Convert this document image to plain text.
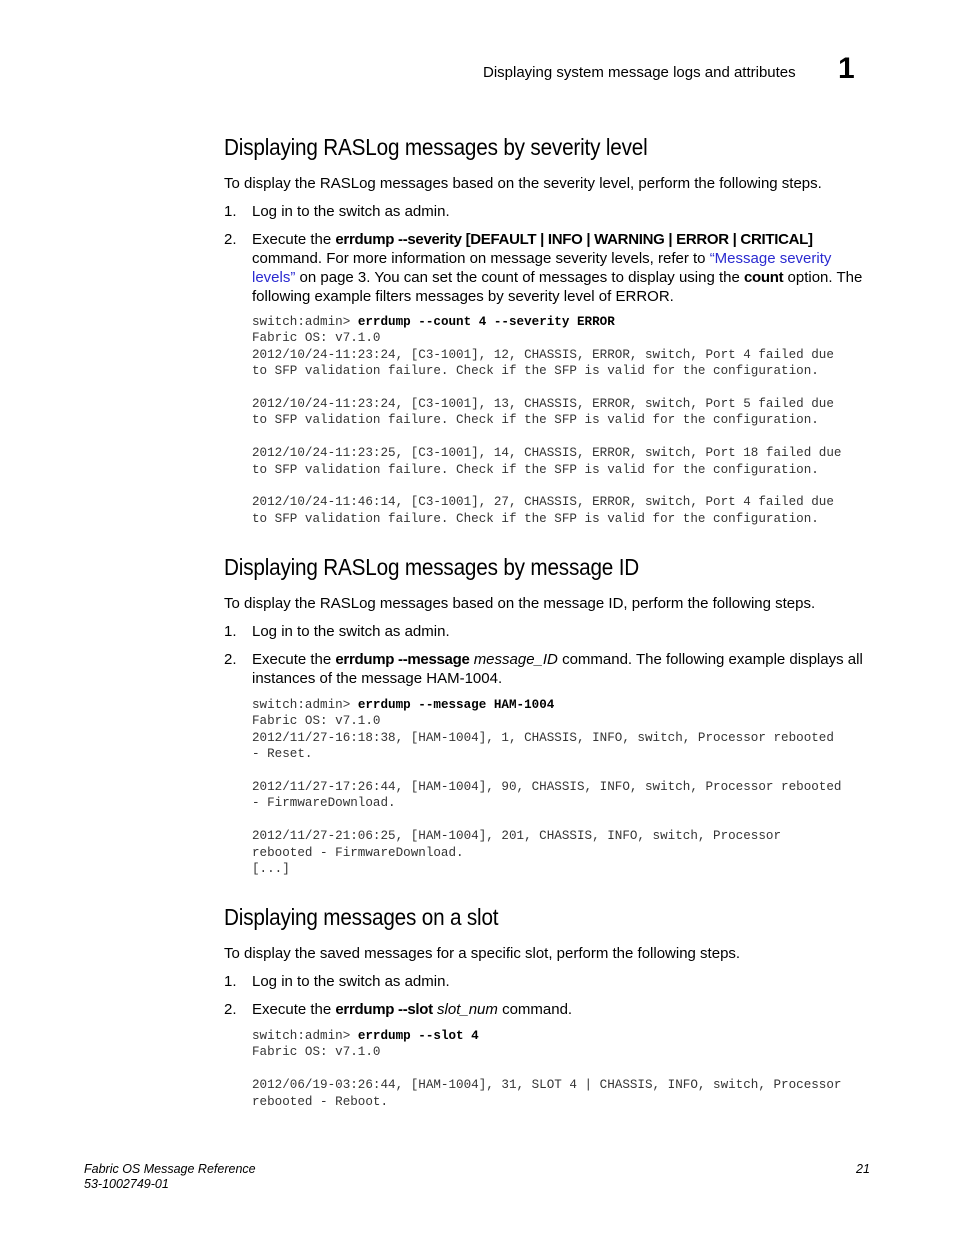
Displaying system message logs and attributes 1
Displaying RASLog messages by severity level

To display the RASLog messages based on the severity level, perform the following steps.

1. Log in to the switch as admin.
2. Execute the errdump --severity [DEFAULT | INFO | WARNING | ERROR | CRITICAL] command. For more information on message severity levels, refer to “Message severity levels” on page 3. You can set the count of messages to display using the count option. The following example filters messages by severity level of ERROR.
switch:admin> errdump --count 4 --severity ERROR
Fabric OS: v7.1.0
2012/10/24-11:23:24, [C3-1001], 12, CHASSIS, ERROR, switch, Port 4 failed due
to SFP validation failure. Check if the SFP is valid for the configuration.

2012/10/24-11:23:24, [C3-1001], 13, CHASSIS, ERROR, switch, Port 5 failed due
to SFP validation failure. Check if the SFP is valid for the configuration.

2012/10/24-11:23:25, [C3-1001], 14, CHASSIS, ERROR, switch, Port 18 failed due
to SFP validation failure. Check if the SFP is valid for the configuration.

2012/10/24-11:46:14, [C3-1001], 27, CHASSIS, ERROR, switch, Port 4 failed due
to SFP validation failure. Check if the SFP is valid for the configuration.
Displaying RASLog messages by message ID

To display the RASLog messages based on the message ID, perform the following steps.

1. Log in to the switch as admin.
2. Execute the errdump --message message_ID command. The following example displays all instances of the message HAM-1004.
switch:admin> errdump --message HAM-1004
Fabric OS: v7.1.0
2012/11/27-16:18:38, [HAM-1004], 1, CHASSIS, INFO, switch, Processor rebooted
- Reset.

2012/11/27-17:26:44, [HAM-1004], 90, CHASSIS, INFO, switch, Processor rebooted
- FirmwareDownload.

2012/11/27-21:06:25, [HAM-1004], 201, CHASSIS, INFO, switch, Processor
rebooted - FirmwareDownload.
[...]
Displaying messages on a slot

To display the saved messages for a specific slot, perform the following steps.

1. Log in to the switch as admin.
2. Execute the errdump --slot slot_num command.
switch:admin> errdump --slot 4
Fabric OS: v7.1.0

2012/06/19-03:26:44, [HAM-1004], 31, SLOT 4 | CHASSIS, INFO, switch, Processor
rebooted - Reboot.
Fabric OS Message Reference
53-1002749-01
21
